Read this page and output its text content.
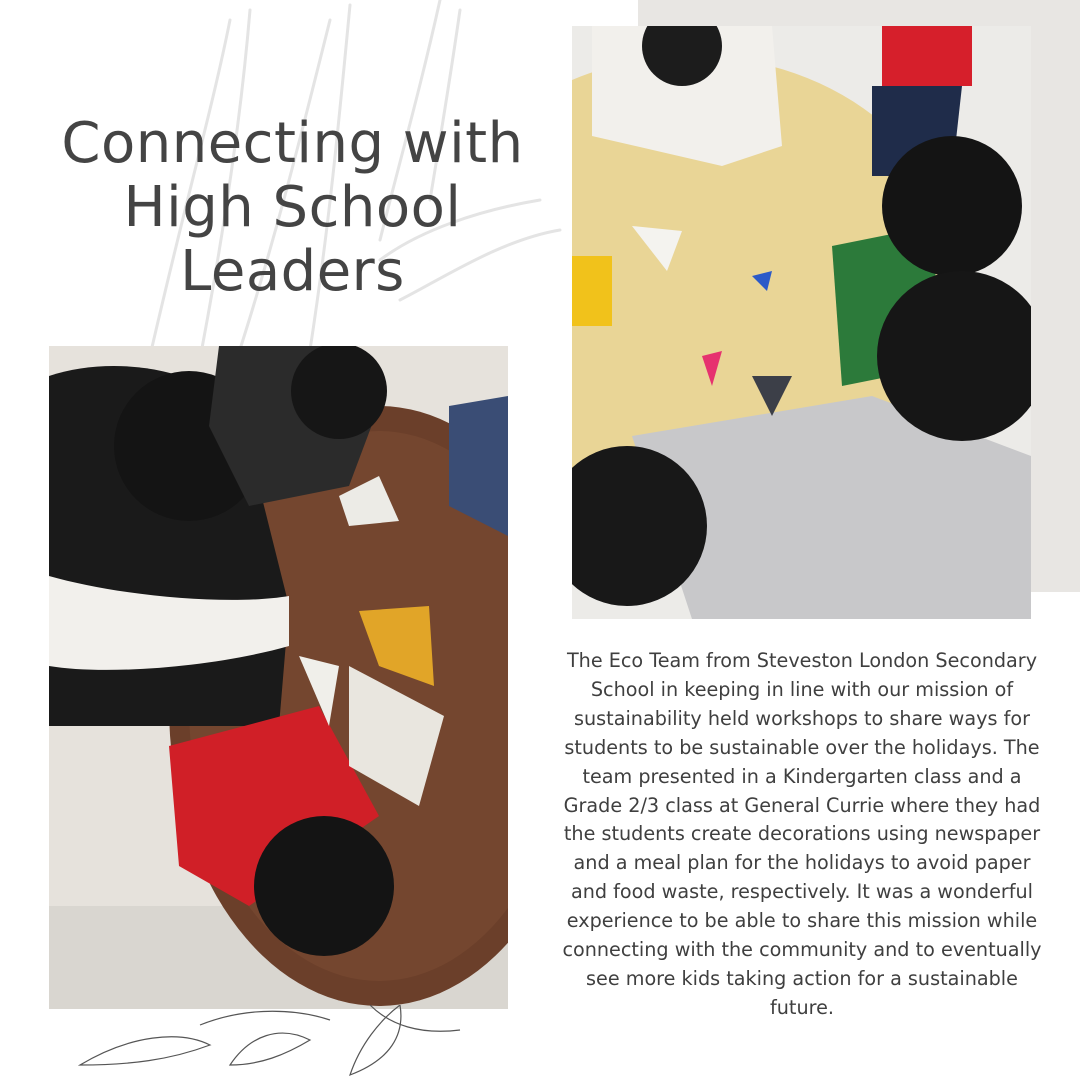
Connecting with High School Leaders

The Eco Team from Steveston London Secondary School in keeping in line with our mission of sustainability held workshops to share ways for students to be sustainable over the holidays. The team presented in a Kindergarten class and a Grade 2/3 class at General Currie where they had the students create decorations using newspaper and a meal plan for the holidays to avoid paper and food waste, respectively. It was a wonderful experience to be able to share this mission while connecting with the community and to eventually see more kids taking action for a sustainable future.
